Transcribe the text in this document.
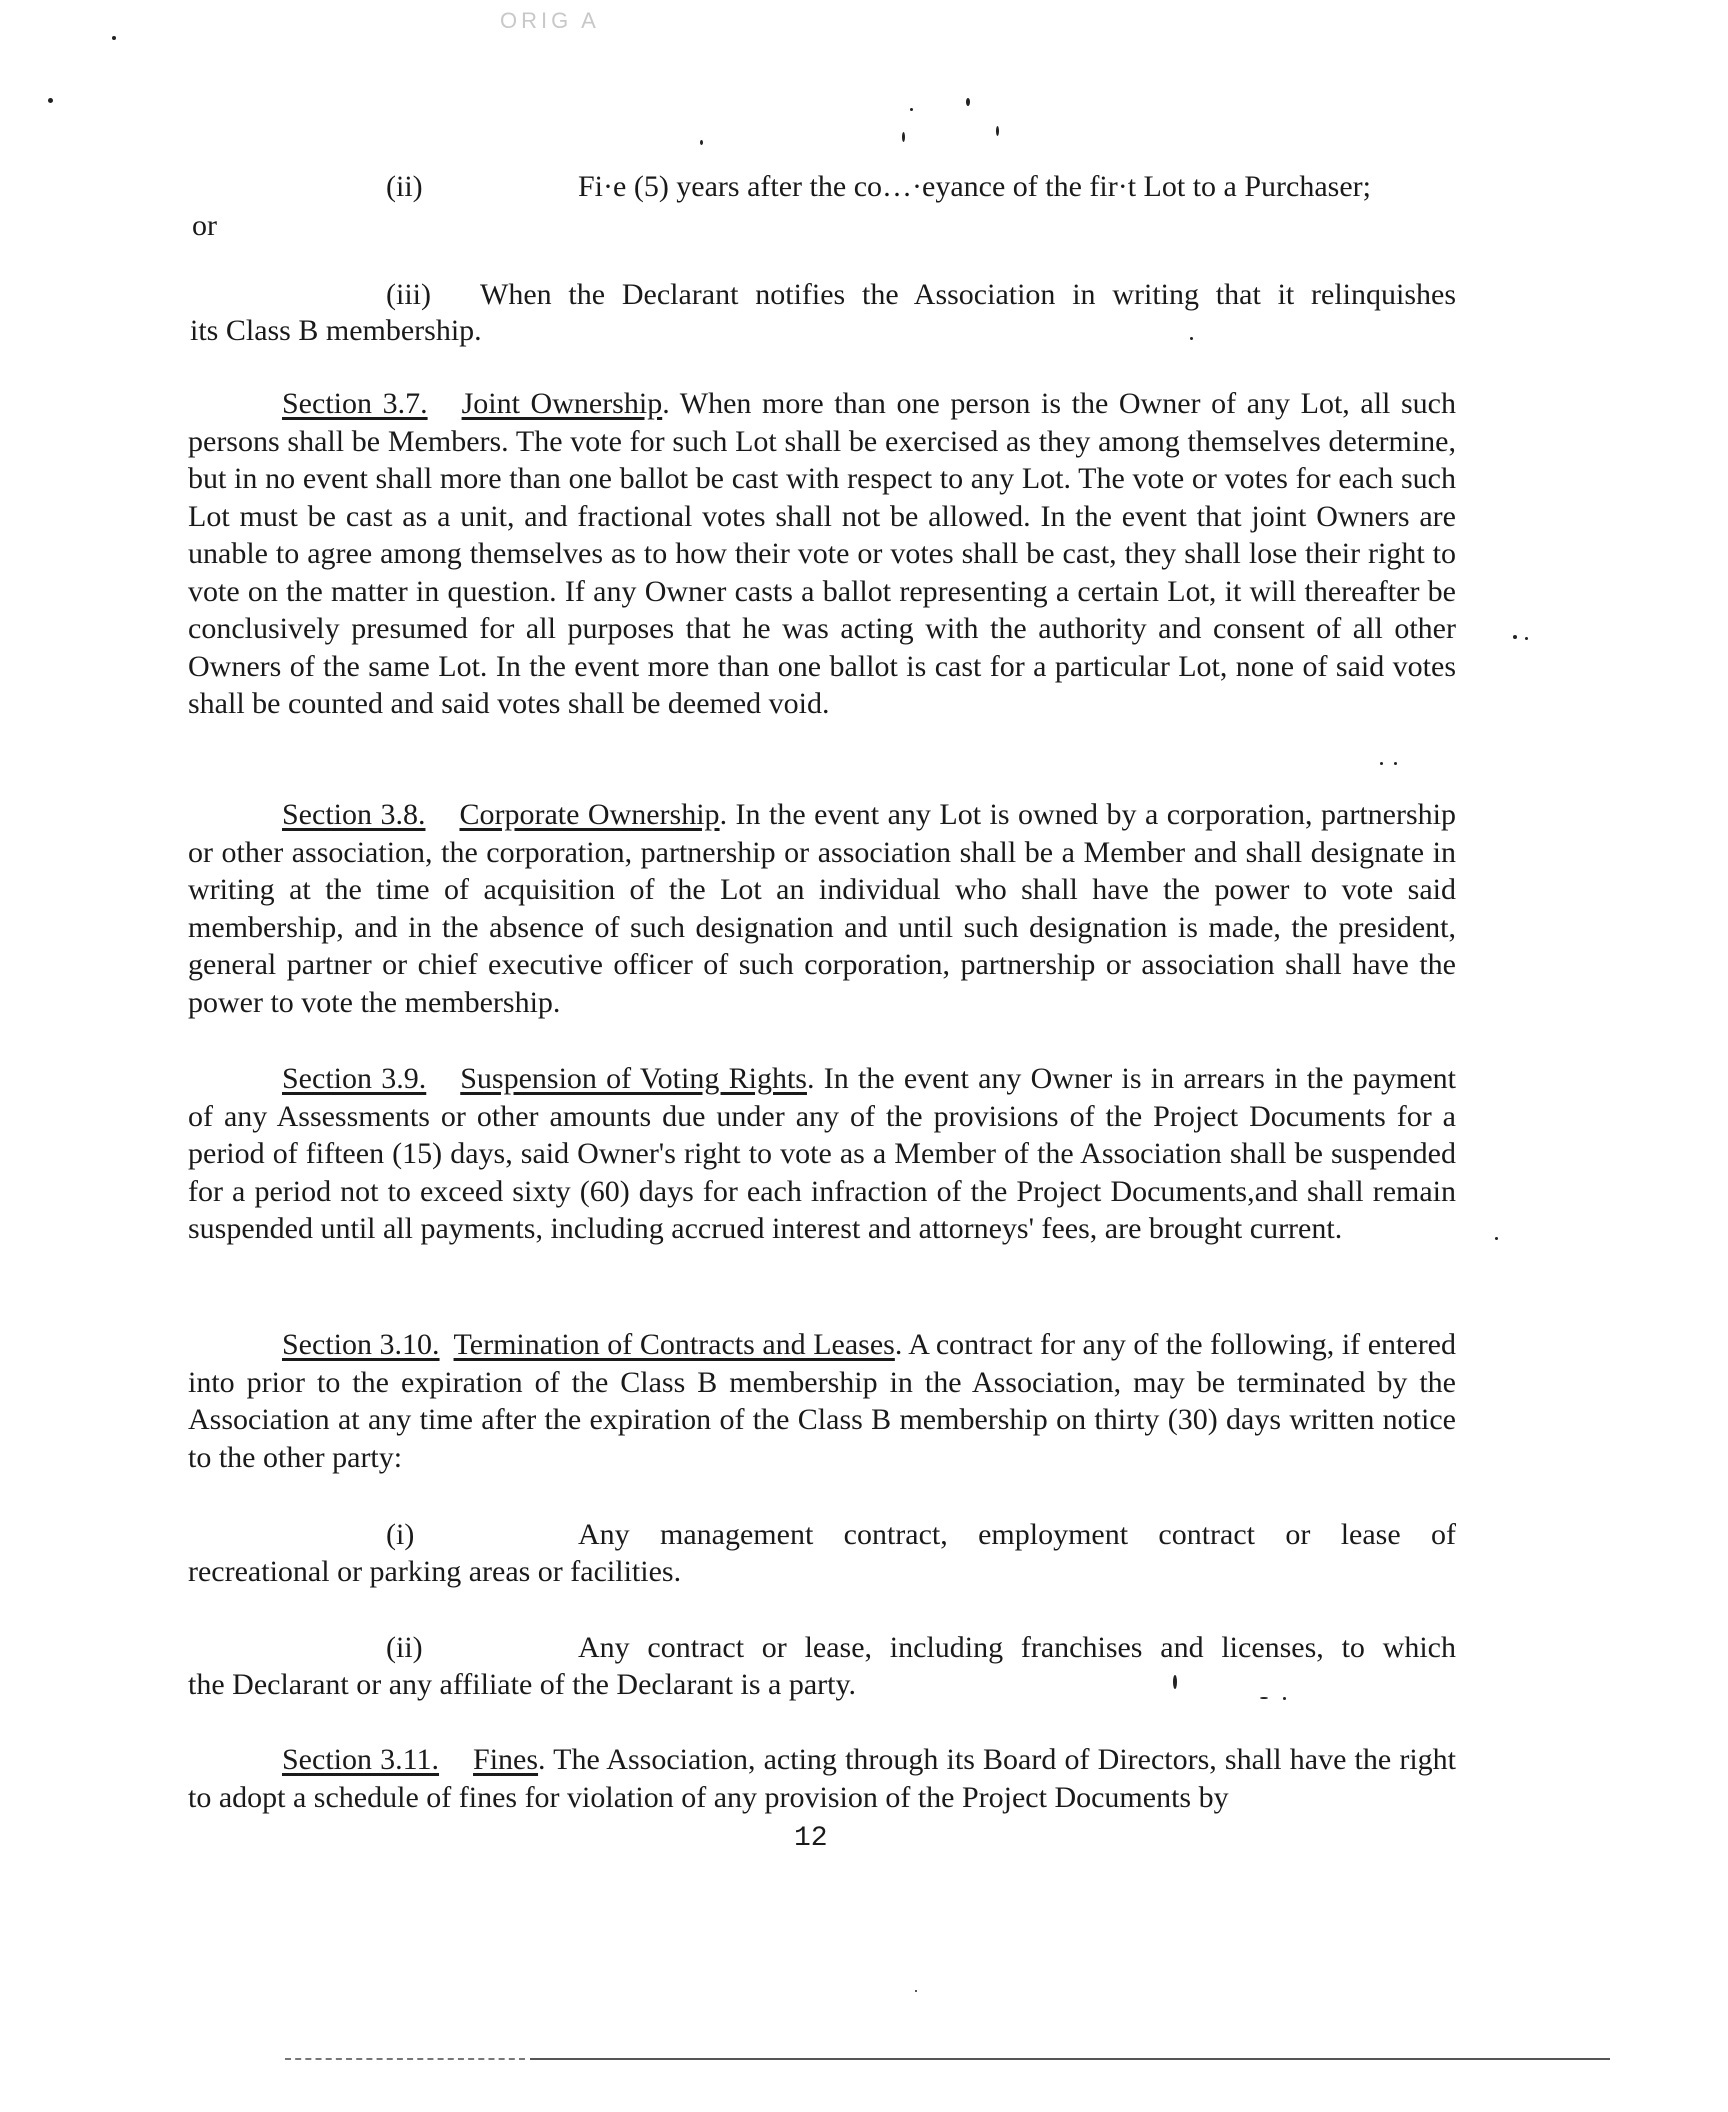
ORIG A
(ii)	Fi·e (5) years after the co…·eyance of the fir·t Lot to a Purchaser;
or
(iii) When the Declarant notifies the Association in writing that it relinquishes
its Class B membership.

Section 3.7. Joint Ownership. When more than one person is the Owner of any Lot, all such persons shall be Members. The vote for such Lot shall be exercised as they among themselves determine, but in no event shall more than one ballot be cast with respect to any Lot. The vote or votes for each such Lot must be cast as a unit, and fractional votes shall not be allowed. In the event that joint Owners are unable to agree among themselves as to how their vote or votes shall be cast, they shall lose their right to vote on the matter in question. If any Owner casts a ballot representing a certain Lot, it will thereafter be conclusively presumed for all purposes that he was acting with the authority and consent of all other Owners of the same Lot. In the event more than one ballot is cast for a particular Lot, none of said votes shall be counted and said votes shall be deemed void.

Section 3.8. Corporate Ownership. In the event any Lot is owned by a corporation, partnership or other association, the corporation, partnership or association shall be a Member and shall designate in writing at the time of acquisition of the Lot an individual who shall have the power to vote said membership, and in the absence of such designation and until such designation is made, the president, general partner or chief executive officer of such corporation, partnership or association shall have the power to vote the membership.

Section 3.9. Suspension of Voting Rights. In the event any Owner is in arrears in the payment of any Assessments or other amounts due under any of the provisions of the Project Documents for a period of fifteen (15) days, said Owner's right to vote as a Member of the Association shall be suspended for a period not to exceed sixty (60) days for each infraction of the Project Documents,and shall remain suspended until all payments, including accrued interest and attorneys' fees, are brought current.

Section 3.10. Termination of Contracts and Leases. A contract for any of the following, if entered into prior to the expiration of the Class B membership in the Association, may be terminated by the Association at any time after the expiration of the Class B membership on thirty (30) days written notice to the other party:

(i)	Any management contract, employment contract or lease of
recreational or parking areas or facilities.
(ii)	Any contract or lease, including franchises and licenses, to which
the Declarant or any affiliate of the Declarant is a party.

Section 3.11. Fines. The Association, acting through its Board of Directors, shall have the right to adopt a schedule of fines for violation of any provision of the Project Documents by

12
